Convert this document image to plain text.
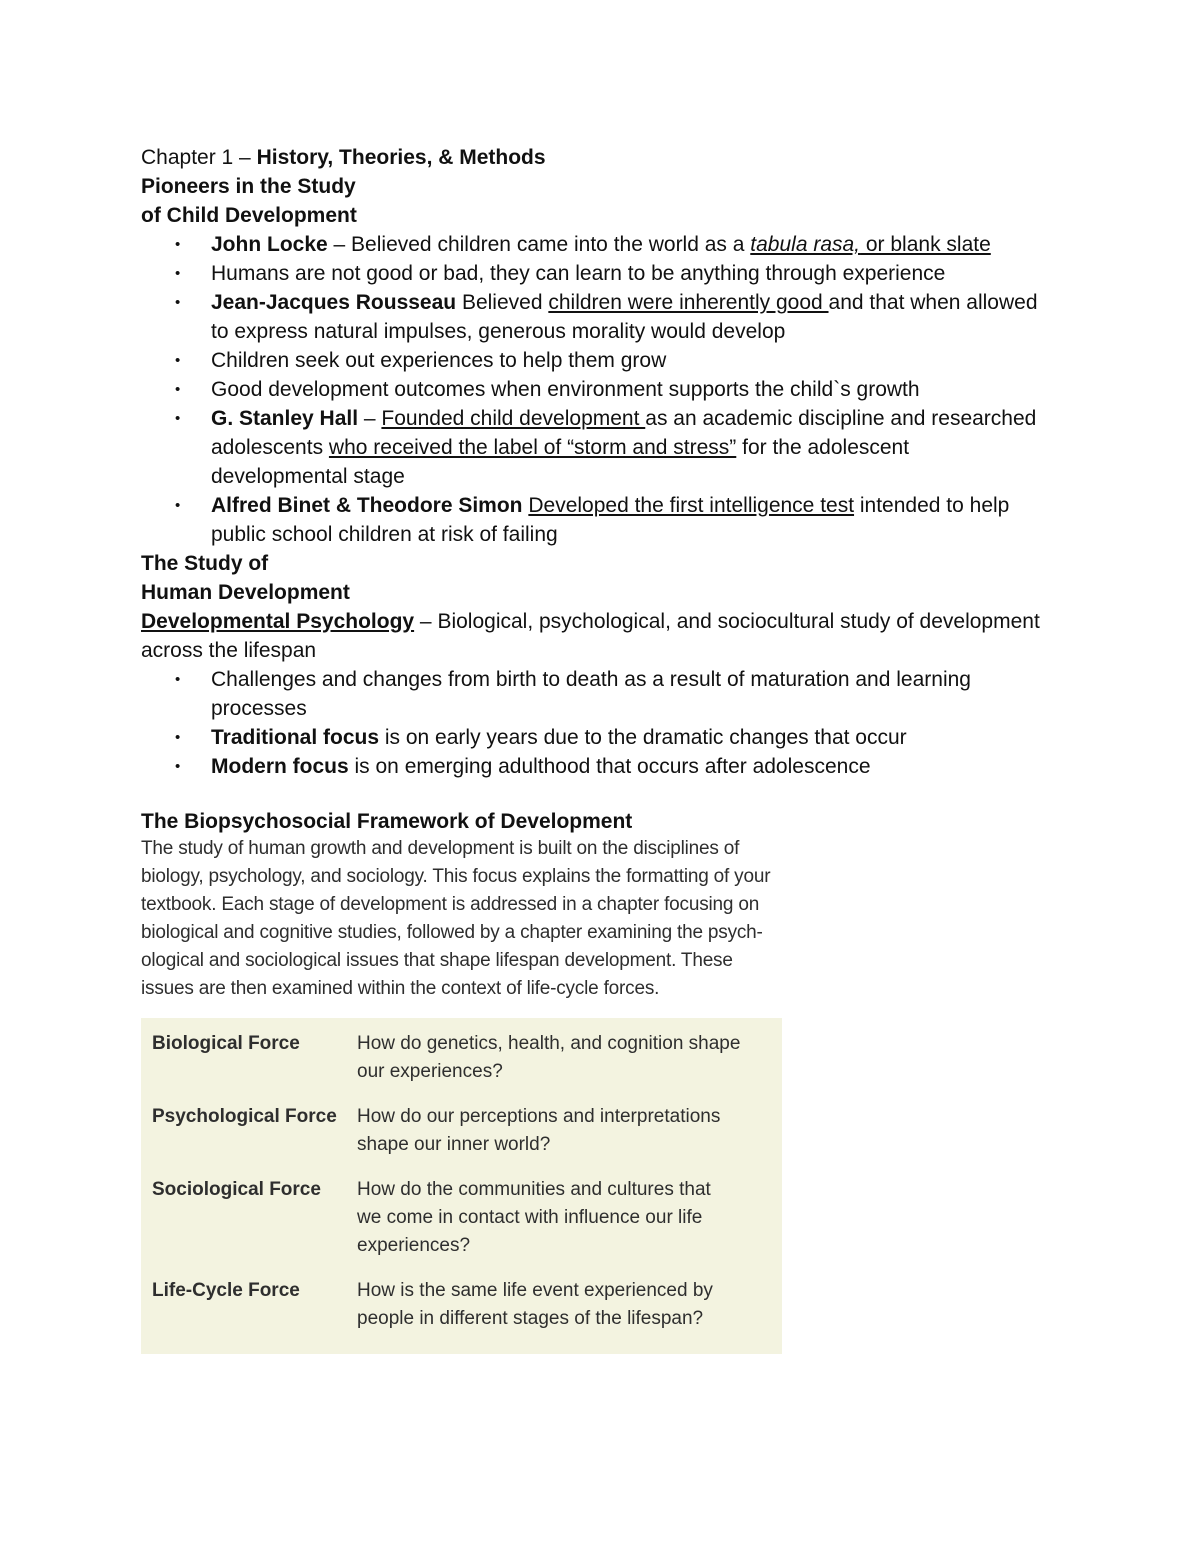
Chapter 1 – History, Theories, & Methods
Pioneers in the Study
of Child Development
• John Locke – Believed children came into the world as a tabula rasa, or blank slate
• Humans are not good or bad, they can learn to be anything through experience
• Jean-Jacques Rousseau Believed children were inherently good and that when allowed
to express natural impulses, generous morality would develop
• Children seek out experiences to help them grow
• Good development outcomes when environment supports the child`s growth
• G. Stanley Hall – Founded child development as an academic discipline and researched
adolescents who received the label of “storm and stress” for the adolescent
developmental stage
• Alfred Binet & Theodore Simon Developed the first intelligence test intended to help
public school children at risk of failing
The Study of
Human Development
Developmental Psychology – Biological, psychological, and sociocultural study of development
across the lifespan
• Challenges and changes from birth to death as a result of maturation and learning
processes
• Traditional focus is on early years due to the dramatic changes that occur
• Modern focus is on emerging adulthood that occurs after adolescence
The Biopsychosocial Framework of Development
The study of human growth and development is built on the disciplines of
biology, psychology, and sociology. This focus explains the formatting of your
textbook. Each stage of development is addressed in a chapter focusing on
biological and cognitive studies, followed by a chapter examining the psych-
ological and sociological issues that shape lifespan development. These
issues are then examined within the context of life-cycle forces.
Biological Force	How do genetics, health, and cognition shape
our experiences?
Psychological Force	How do our perceptions and interpretations
shape our inner world?
Sociological Force	How do the communities and cultures that
we come in contact with influence our life
experiences?
Life-Cycle Force	How is the same life event experienced by
people in different stages of the lifespan?
